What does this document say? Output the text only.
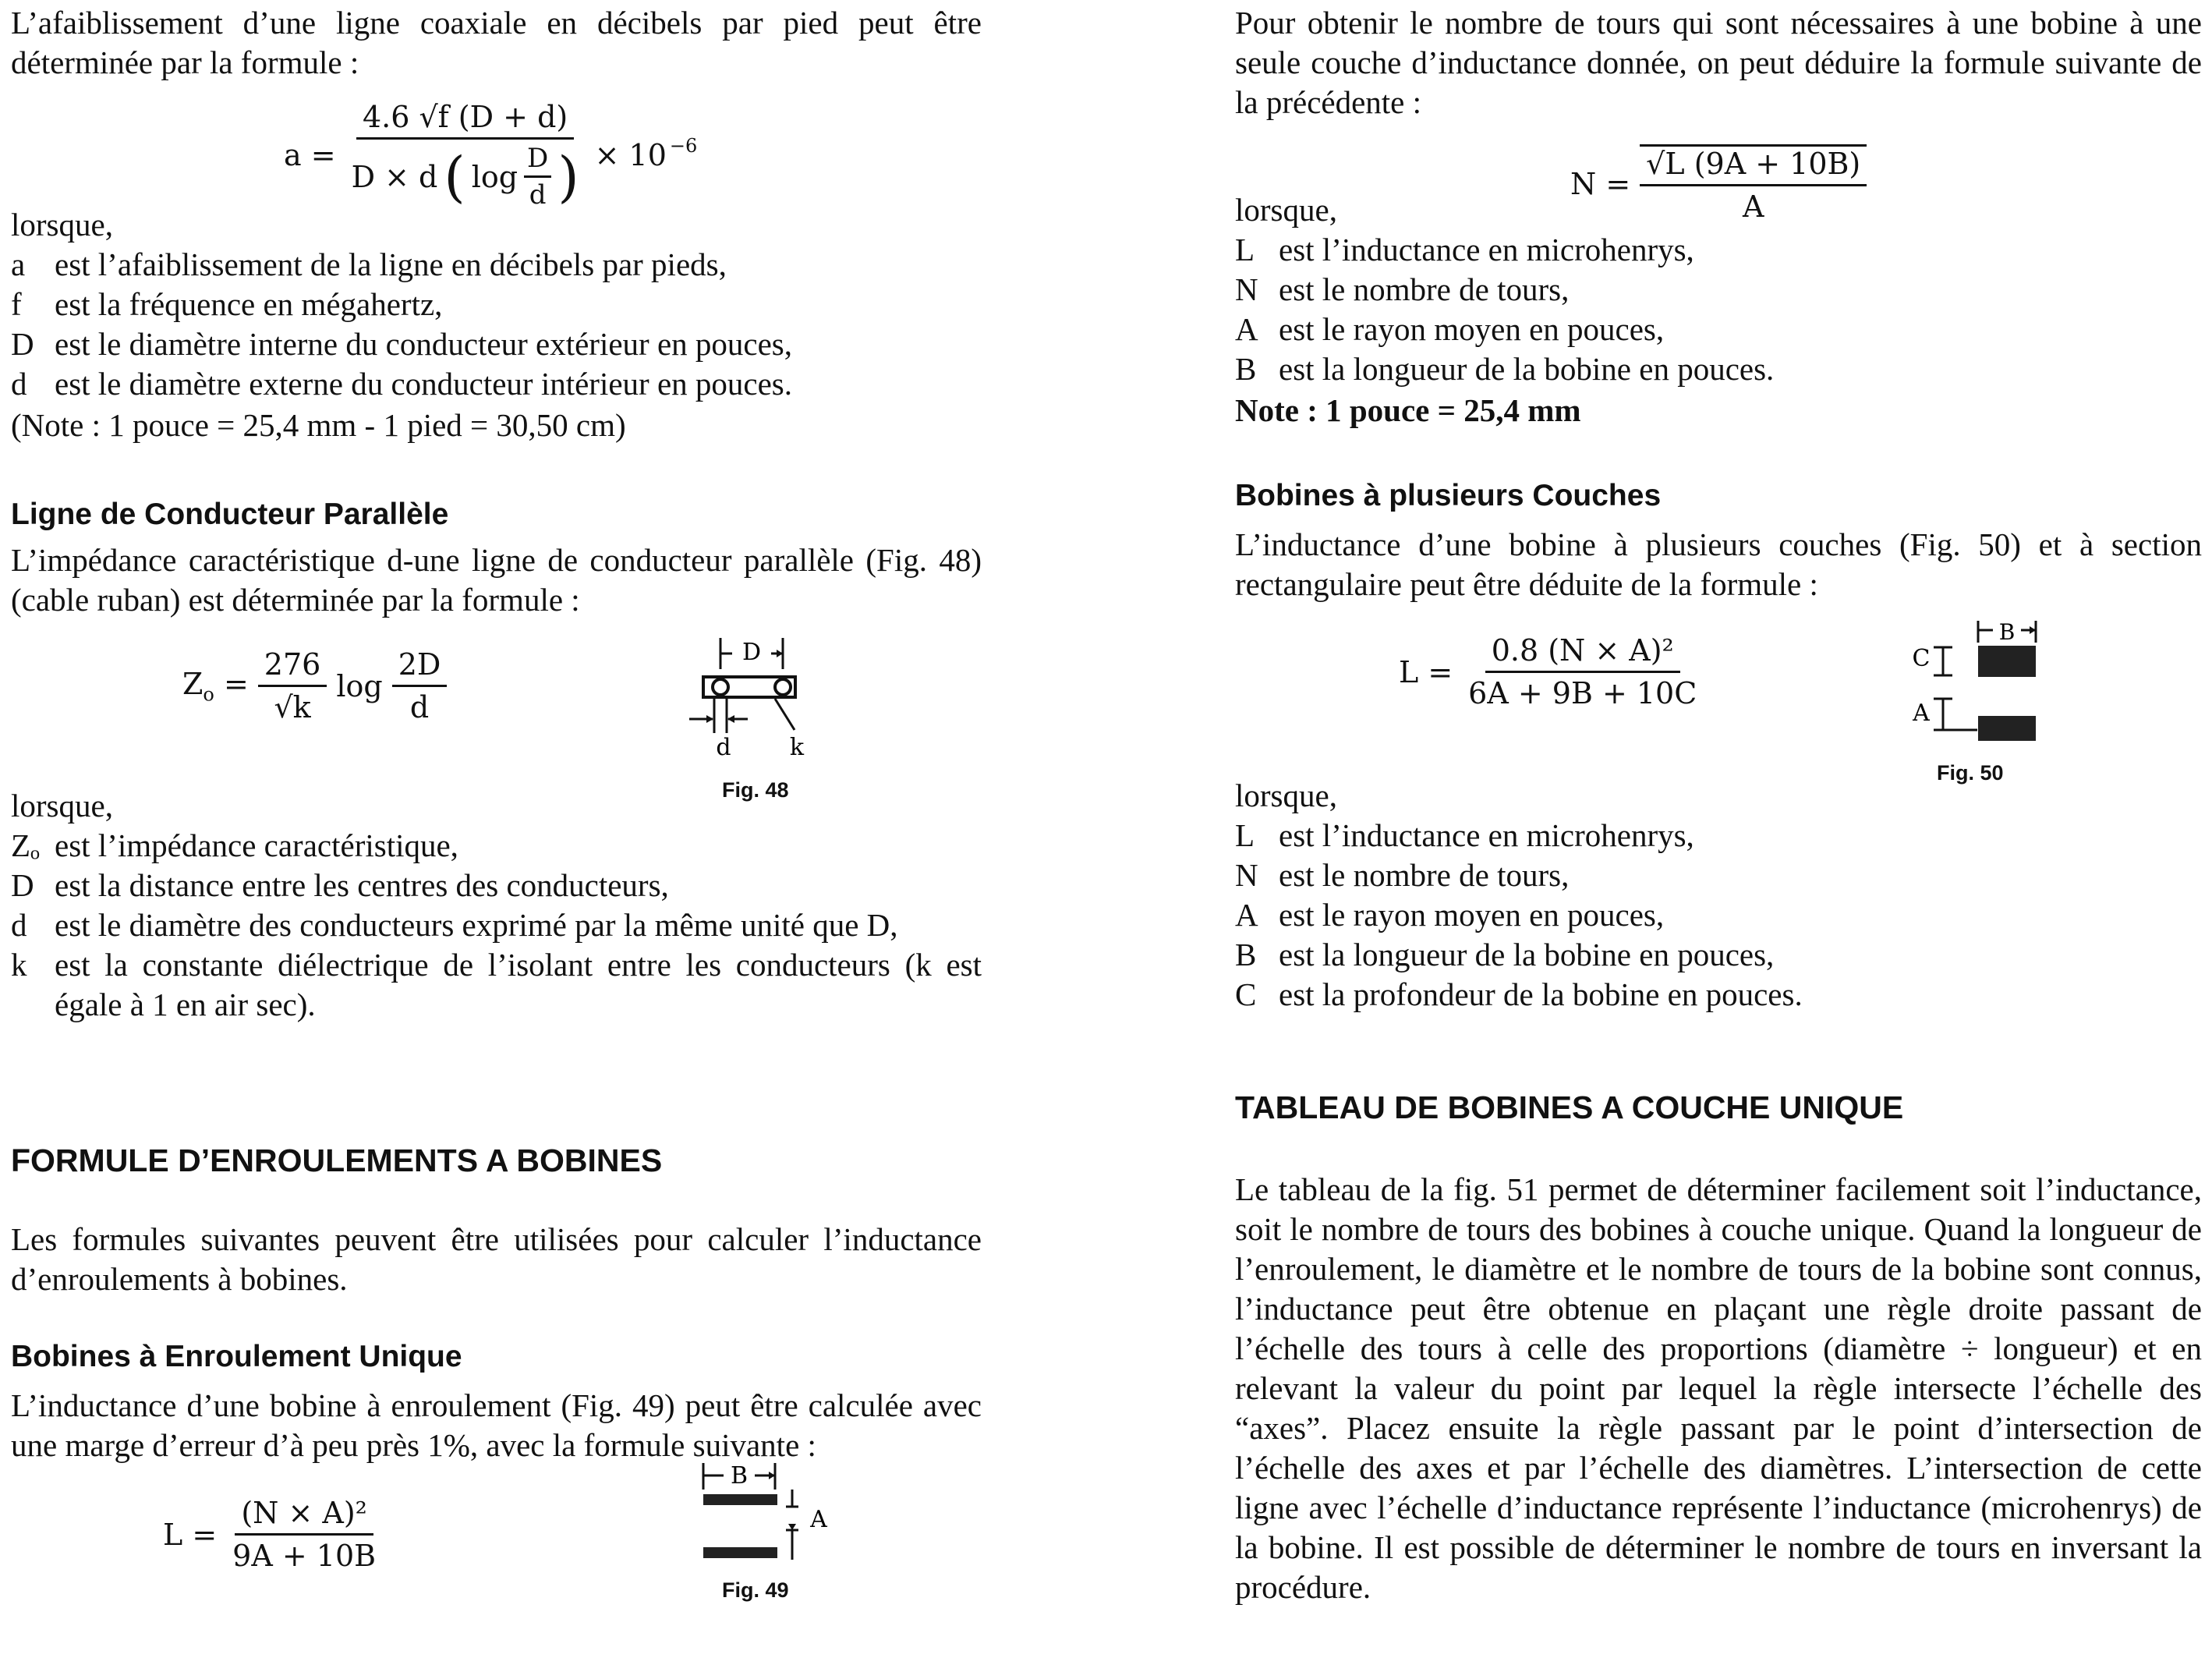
L’afaiblissement d’une ligne coaxiale en décibels par pied peut être déterminée par la formule :

a =
4.6 √f (D + d)
D × d ( $\log \frac{D}{d}$ ) × $10^{-6}$

lorsque,

a est l’afaiblissement de la ligne en décibels par pieds,
f	est la fréquence en mégahertz,
D est le diamètre interne du conducteur extérieur en pouces,
d est le diamètre externe du conducteur intérieur en pouces.

(Note : 1 pouce = 25,4 mm - 1 pied = 30,50 cm)

Ligne de Conducteur Parallèle

L’impédance caractéristique d-une ligne de conducteur parallèle (Fig. 48) (cable ruban) est déterminée par la formule :

$Z_o = \frac{276}{√k}$ $\log \frac{2D}{d}$	D
d	k
Fig. 48

lorsque,

Zₒ est l’impédance caractéristique,
D est la distance entre les centres des conducteurs,
d est le diamètre des conducteurs exprimé par la même unité que D,
k est la constante diélectrique de l’isolant entre les conducteurs (k est égale à 1 en air sec).
FORMULE D’ENROULEMENTS A BOBINES

Les formules suivantes peuvent être utilisées pour calculer l’inductance d’enroulements à bobines.

Bobines à Enroulement Unique

L’inductance d’une bobine à enroulement (Fig. 49) peut être calculée avec une marge d’erreur d’à peu près 1%, avec la formule suivante :

$L = \frac{\text{(N × A)²}}{9A + 10B}$
B
A
Fig. 49

Pour obtenir le nombre de tours qui sont nécessaires à une bobine à une seule couche d’inductance donnée, on peut déduire la formule suivante de la précédente :

$N = \frac{√L (9A + 10B)}{A}$

lorsque,

L est l’inductance en microhenrys,
N est le nombre de tours,
A est le rayon moyen en pouces,
B est la longueur de la bobine en pouces.

Note : 1 pouce = 25,4 mm

Bobines à plusieurs Couches

L’inductance d’une bobine à plusieurs couches (Fig. 50) et à section rectangulaire peut être déduite de la formule :

$L = \frac{\text{0.8 (N × A)²}}{6A + 9B + 10C}$
B
C
A
Fig. 50

lorsque,

L est l’inductance en microhenrys,
N est le nombre de tours,
A est le rayon moyen en pouces,
B est la longueur de la bobine en pouces,
C est la profondeur de la bobine en pouces.
TABLEAU DE BOBINES A COUCHE UNIQUE

Le tableau de la fig. 51 permet de déterminer facilement soit l’inductance, soit le nombre de tours des bobines à couche unique. Quand la longueur de l’enroulement, le diamètre et le nombre de tours de la bobine sont connus, l’inductance peut être obtenue en plaçant une règle droite passant de l’échelle des tours à celle des proportions (diamètre ÷ longueur) et en relevant la valeur du point par lequel la règle intersecte l’échelle des “axes”. Placez ensuite la règle passant par le point d’intersection de l’échelle des axes et par l’échelle des diamètres. L’intersection de cette ligne avec l’échelle d’inductance représente l’inductance (microhenrys) de la bobine. Il est possible de déterminer le nombre de tours en inversant la procédure.
